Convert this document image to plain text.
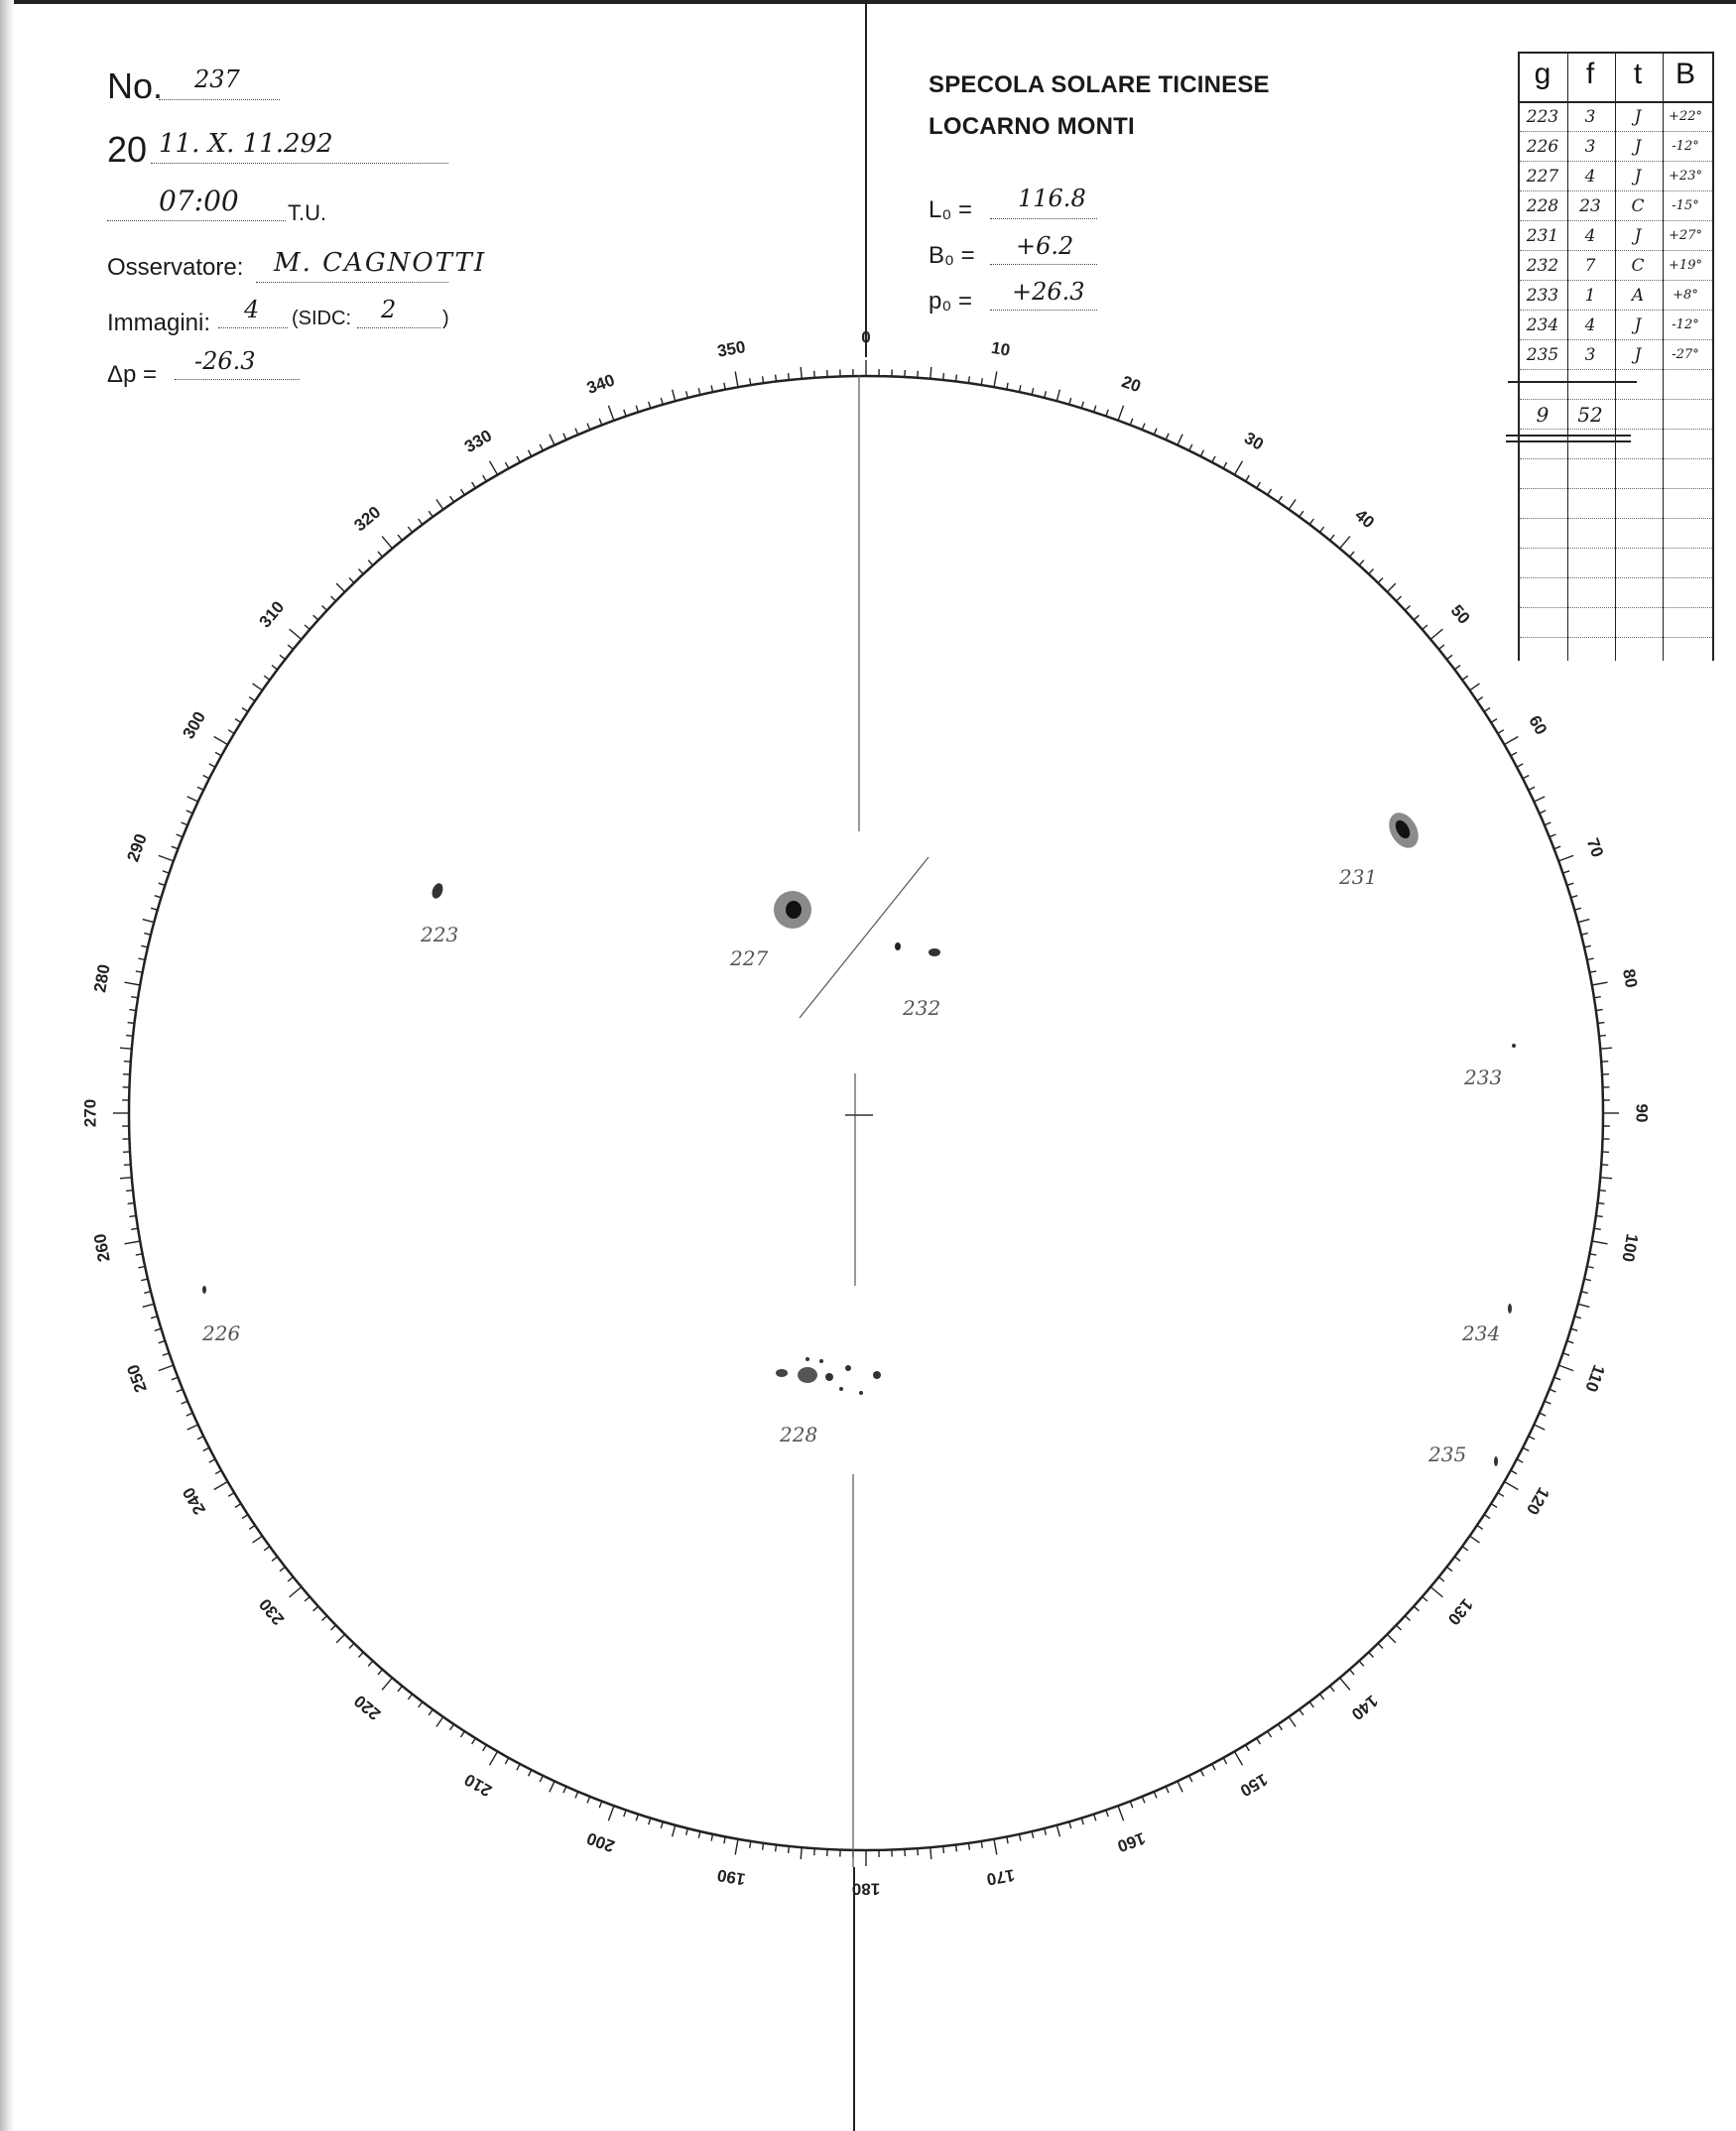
No. 237
20 11. X. 11.292
07:00 T.U.
Osservatore: M. CAGNOTTI
Immagini: 4 (SIDC: 2 )
Δp = -26.3
SPECOLA SOLARE TICINESE
LOCARNO MONTI
L₀ = 116.8
B₀ = +6.2
p₀ = +26.3
0
10
20
30
40
50
60
70
80
90
100
110
120
130
140
150
160
170
180
190
200
210
220
230
240
250
260
270
280
290
300
310
320
330
340
350
223
226
227
228
231
232
233
234
235
g	f	t	B
223	3	J	+22°
226	3	J	-12°
227	4	J	+23°
228	23	C	-15°
231	4	J	+27°
232	7	C	+19°
233	1	A	+8°
234	4	J	-12°
235	3	J	-27°
9	52
